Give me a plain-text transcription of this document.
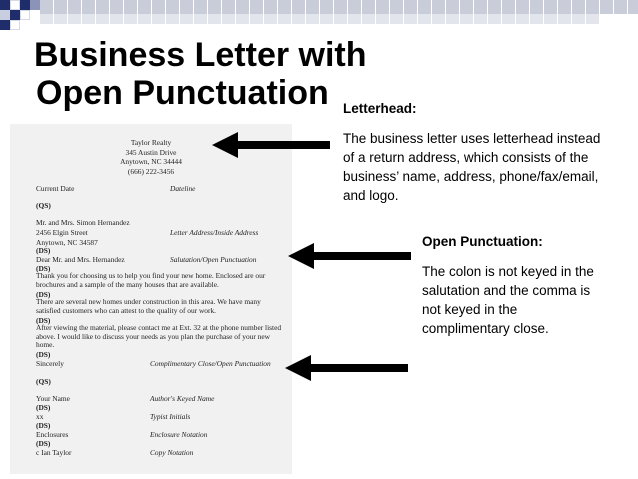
Business Letter with
Open Punctuation
Taylor Realty
345 Austin Drive
Anytown, NC 34444
(666) 222-3456
Current Date	Dateline
(QS)
Mr. and Mrs. Simon Hernandez
2456 Elgin Street	Letter Address/Inside Address
Anytown, NC 34587
(DS)
Dear Mr. and Mrs. Hernandez	Salutation/Open Punctuation
(DS)
Thank you for choosing us to help you find your new home. Enclosed are our brochures and a sample of the many houses that are available.
(DS)
There are several new homes under construction in this area. We have many satisfied customers who can attest to the quality of our work.
(DS)
After viewing the material, please contact me at Ext. 32 at the phone number listed above. I would like to discuss your needs as you plan the purchase of your new home.
(DS)
Sincerely	Complimentary Close/Open Punctuation
(QS)
Your Name	Author's Keyed Name
(DS)
xx	Typist Initials
(DS)
Enclosures	Enclosure Notation
(DS)
c Ian Taylor	Copy Notation
Letterhead:
The business letter uses letterhead instead of a return address, which consists of the business’ name, address, phone/fax/email, and logo.
Open Punctuation:
The colon is not keyed in the salutation and the comma is not keyed in the complimentary close.
